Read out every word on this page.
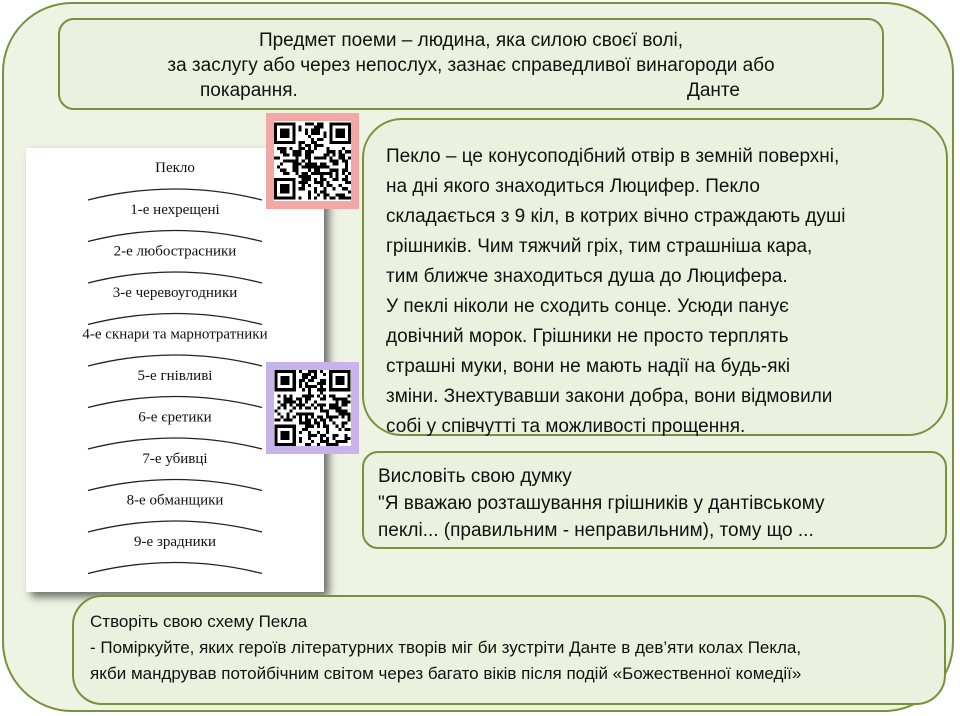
Предмет поеми – людина, яка силою своєї волі,
за заслугу або через непослух, зазнає справедливої винагороди або
покарання.	Данте
Пекло
1-е нехрещені
2-е любострасники
3-е черевоугодники
4-е скнари та марнотратники
5-е гнівливі
6-е єретики
7-е убивці
8-е обманщики
9-е зрадники
Пекло – це конусоподібний отвір в земній поверхні,
на дні якого знаходиться Люцифер. Пекло
складається з 9 кіл, в котрих вічно страждають душі
грішників. Чим тяжчий гріх, тим страшніша кара,
тим ближче знаходиться душа до Люцифера.
У пеклі ніколи не сходить сонце. Усюди панує
довічний морок. Грішники не просто терплять
страшні муки, вони не мають надії на будь-які
зміни. Знехтувавши закони добра, вони відмовили
собі у співчутті та можливості прощення.
Висловіть свою думку
"Я вважаю розташування грішників у дантівському
пеклі... (правильним - неправильним), тому що ...
Створіть свою схему Пекла
- Поміркуйте, яких героїв літературних творів міг би зустріти Данте в дев’яти колах Пекла,
якби мандрував потойбічним світом через багато віків після подій «Божественної комедії»
